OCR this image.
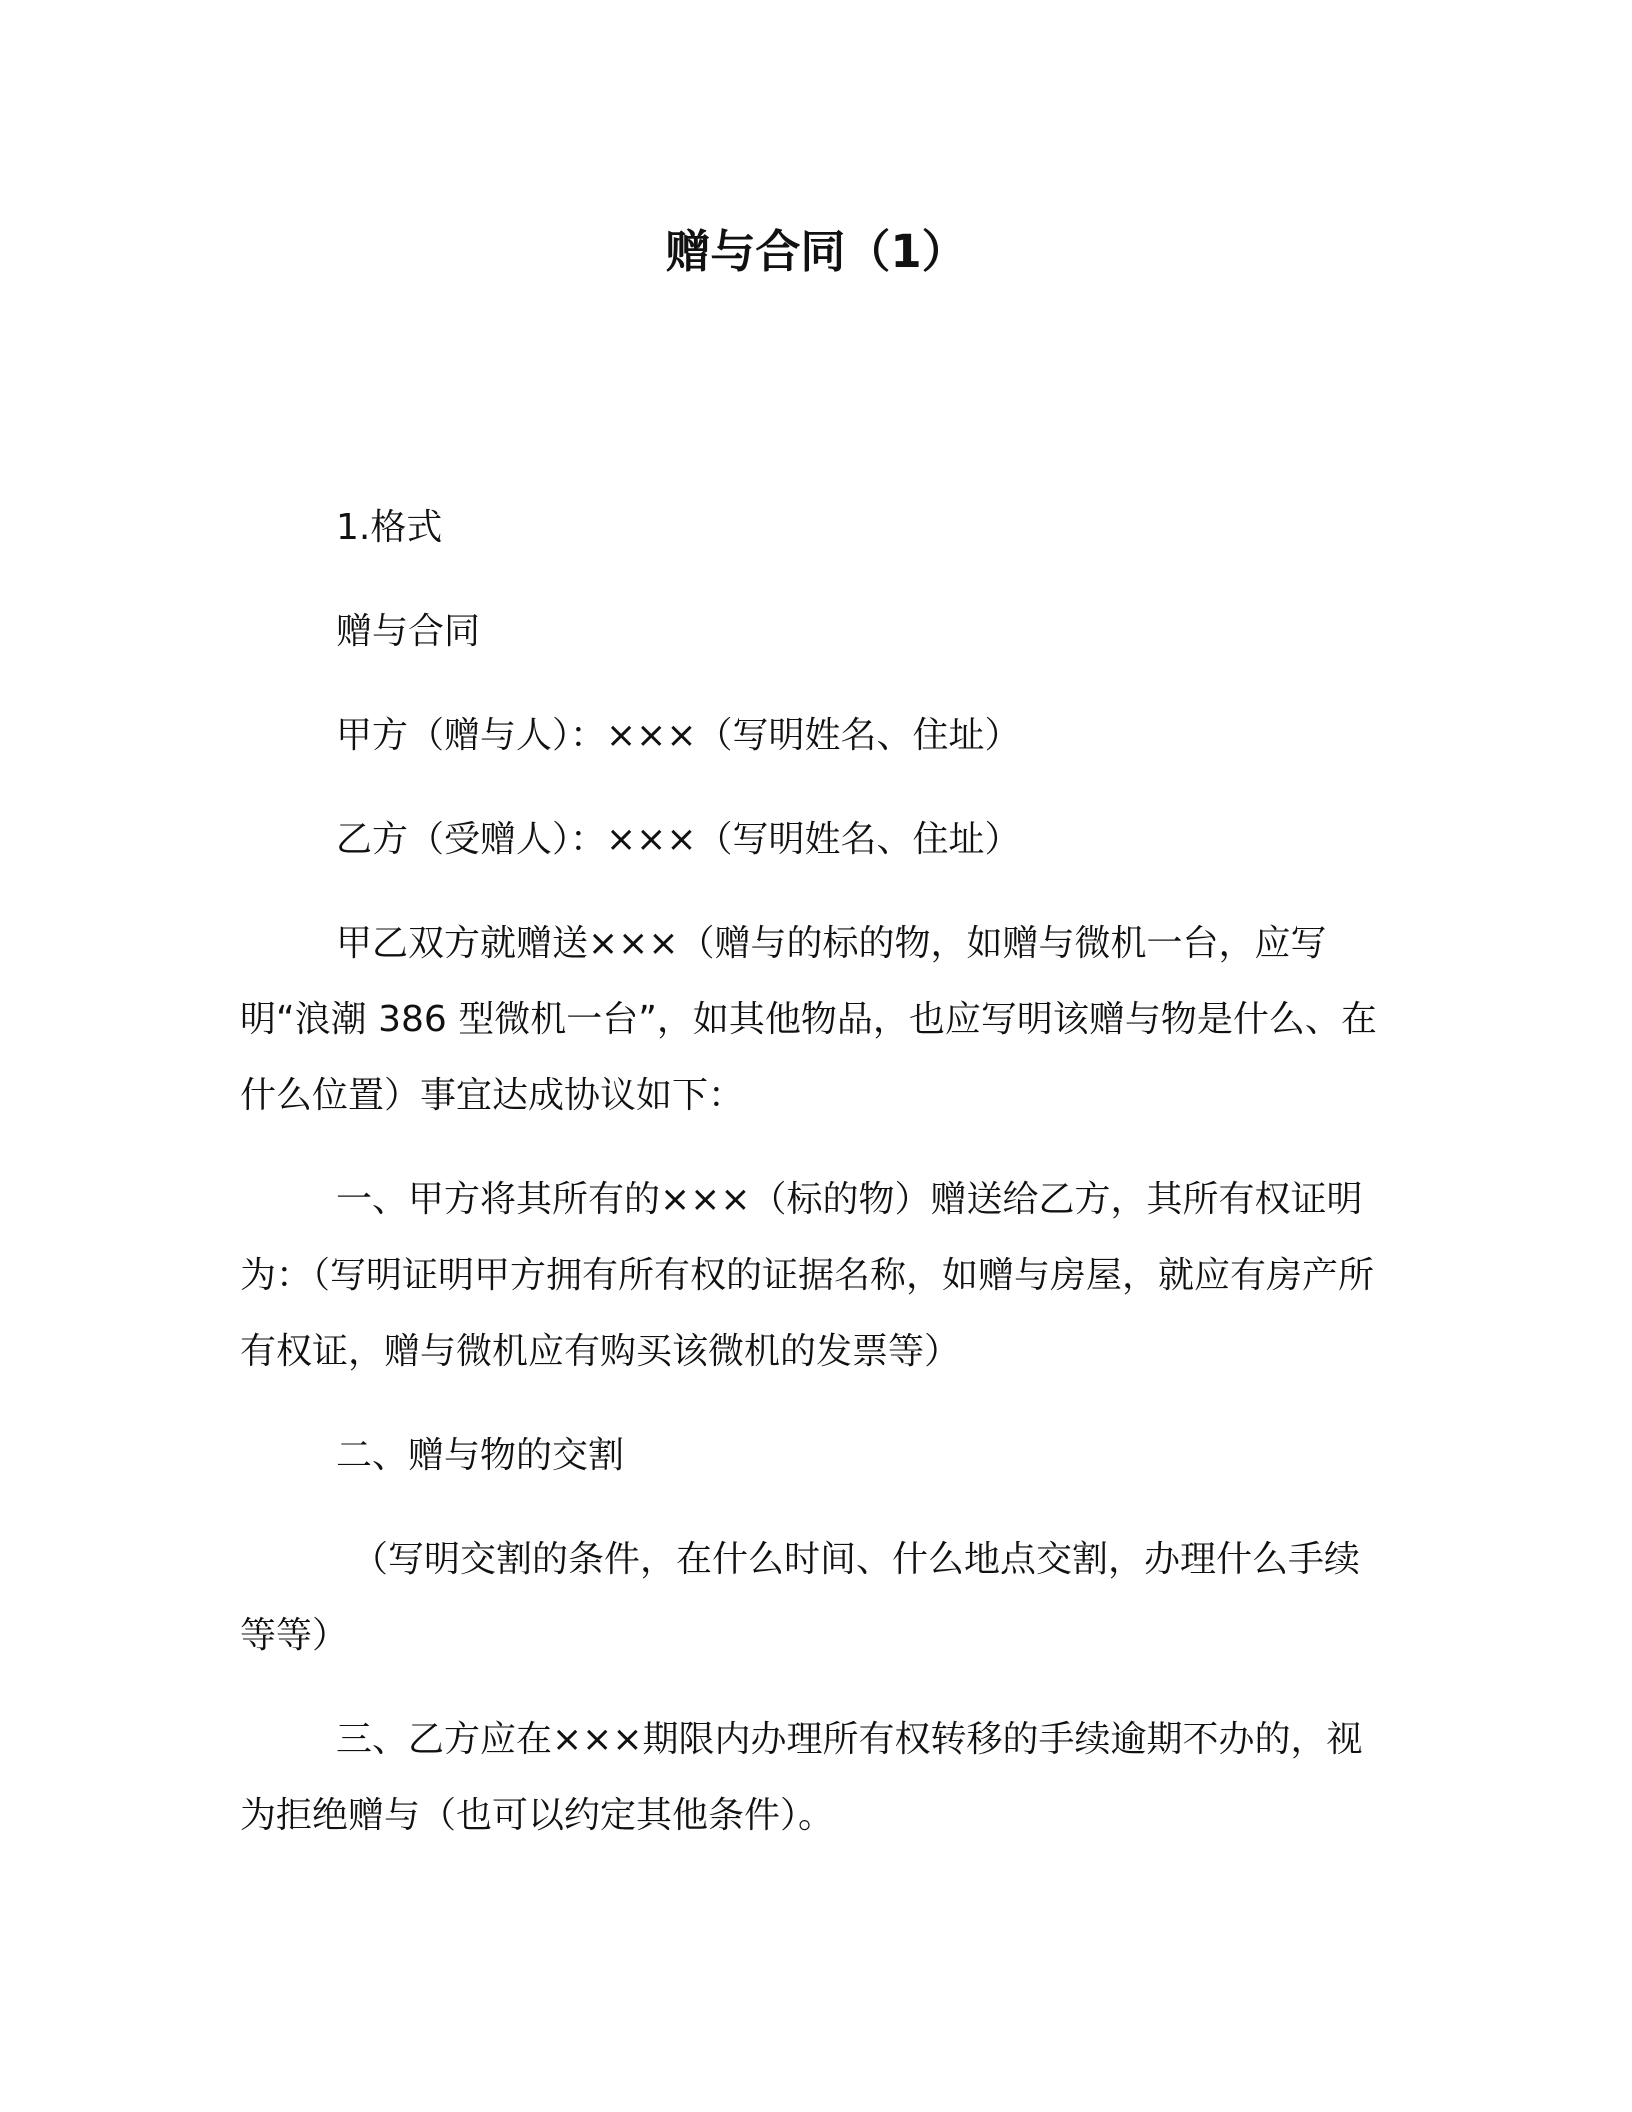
赠与合同（1）

1.格式

赠与合同

甲方（赠与人）：×××（写明姓名、住址）

乙方（受赠人）：×××（写明姓名、住址）

甲乙双方就赠送×××（赠与的标的物，如赠与微机一台，应写明“浪潮 386 型微机一台”，如其他物品，也应写明该赠与物是什么、在什么位置）事宜达成协议如下：

一、甲方将其所有的×××（标的物）赠送给乙方，其所有权证明为：（写明证明甲方拥有所有权的证据名称，如赠与房屋，就应有房产所有权证，赠与微机应有购买该微机的发票等）

二、赠与物的交割

（写明交割的条件，在什么时间、什么地点交割，办理什么手续等等）

三、乙方应在×××期限内办理所有权转移的手续逾期不办的，视为拒绝赠与（也可以约定其他条件）。
